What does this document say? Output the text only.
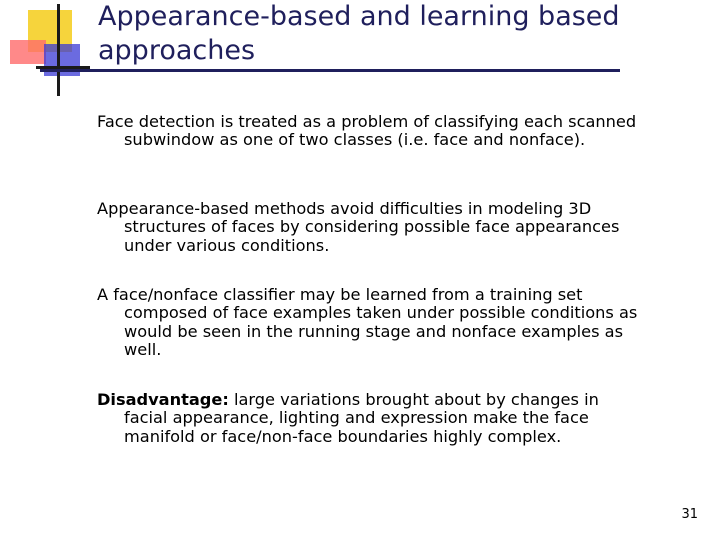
Appearance-based and learning based approaches
Face detection is treated as a problem of classifying each scanned subwindow as one of two classes (i.e. face and nonface).
Appearance-based methods avoid difficulties in modeling 3D structures of faces by considering possible face appearances under various conditions.
A face/nonface classifier may be learned from a training set composed of face examples taken under possible conditions as would be seen in the running stage and nonface examples as well.
Disadvantage: large variations brought about by changes in facial appearance, lighting and expression make the face manifold or face/non-face boundaries highly complex.
31
